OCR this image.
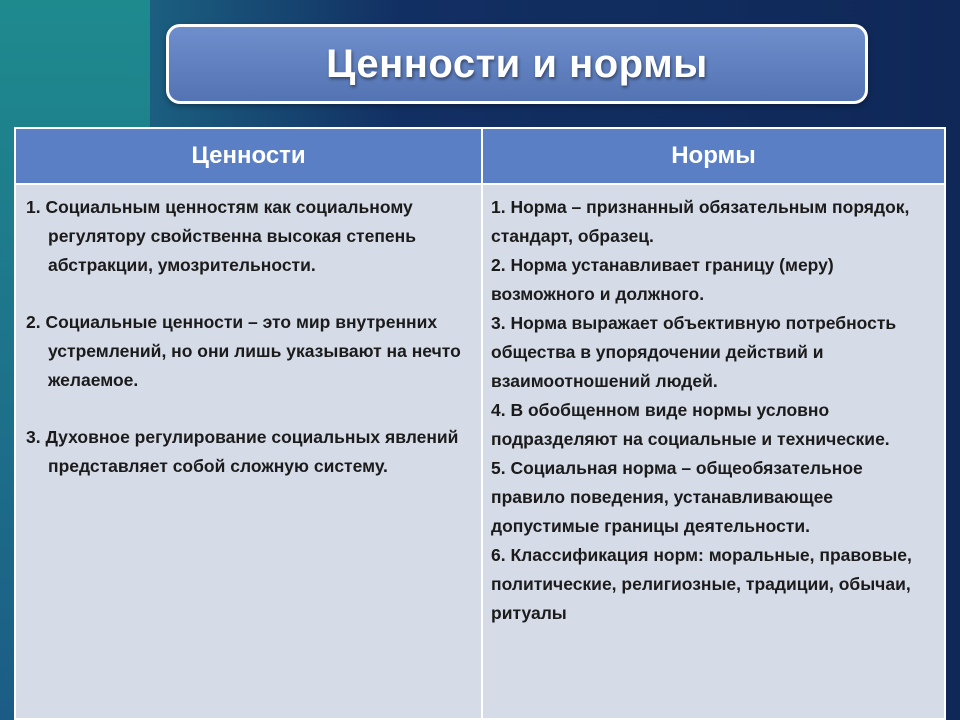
Ценности и нормы
Ценности	Нормы

1. Социальным ценностям как социальному регулятору свойственна высокая степень абстракции, умозрительности.

2. Социальные ценности – это мир внутренних устремлений, но они лишь указывают на нечто желаемое.

3. Духовное регулирование социальных явлений представляет собой сложную систему.

1. Норма – признанный обязательным порядок, стандарт, образец.

2. Норма устанавливает границу (меру) возможного и должного.

3. Норма выражает объективную потребность общества в упорядочении действий и взаимоотношений людей.

4. В обобщенном виде нормы условно подразделяют на социальные и технические.

5. Социальная норма – общеобязательное правило поведения, устанавливающее допустимые границы деятельности.

6. Классификация норм: моральные, правовые, политические, религиозные, традиции, обычаи, ритуалы
